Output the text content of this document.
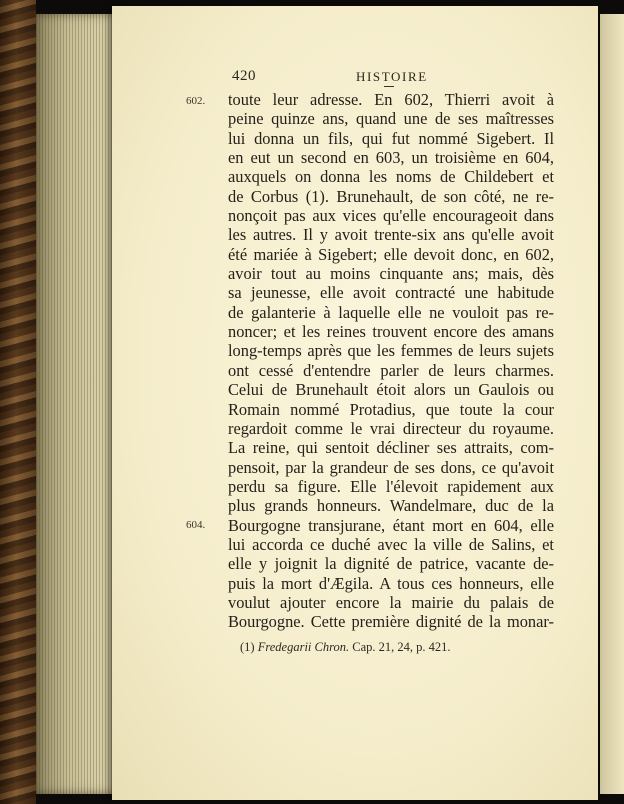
420	HISTOIRE
602.
604.
toute leur adresse. En 602, Thierri avoit à
peine quinze ans, quand une de ses maîtresses
lui donna un fils, qui fut nommé Sigebert. Il
en eut un second en 603, un troisième en 604,
auxquels on donna les noms de Childebert et
de Corbus (1). Brunehault, de son côté, ne re-
nonçoit pas aux vices qu'elle encourageoit dans
les autres. Il y avoit trente-six ans qu'elle avoit
été mariée à Sigebert; elle devoit donc, en 602,
avoir tout au moins cinquante ans; mais, dès
sa jeunesse, elle avoit contracté une habitude
de galanterie à laquelle elle ne vouloit pas re-
noncer; et les reines trouvent encore des amans
long-temps après que les femmes de leurs sujets
ont cessé d'entendre parler de leurs charmes.
Celui de Brunehault étoit alors un Gaulois ou
Romain nommé Protadius, que toute la cour
regardoit comme le vrai directeur du royaume.
La reine, qui sentoit décliner ses attraits, com-
pensoit, par la grandeur de ses dons, ce qu'avoit
perdu sa figure. Elle l'élevoit rapidement aux
plus grands honneurs. Wandelmare, duc de la
Bourgogne transjurane, étant mort en 604, elle
lui accorda ce duché avec la ville de Salins, et
elle y joignit la dignité de patrice, vacante de-
puis la mort d'Ægila. A tous ces honneurs, elle
voulut ajouter encore la mairie du palais de
Bourgogne. Cette première dignité de la monar-
(1) Fredegarii Chron. Cap. 21, 24, p. 421.
